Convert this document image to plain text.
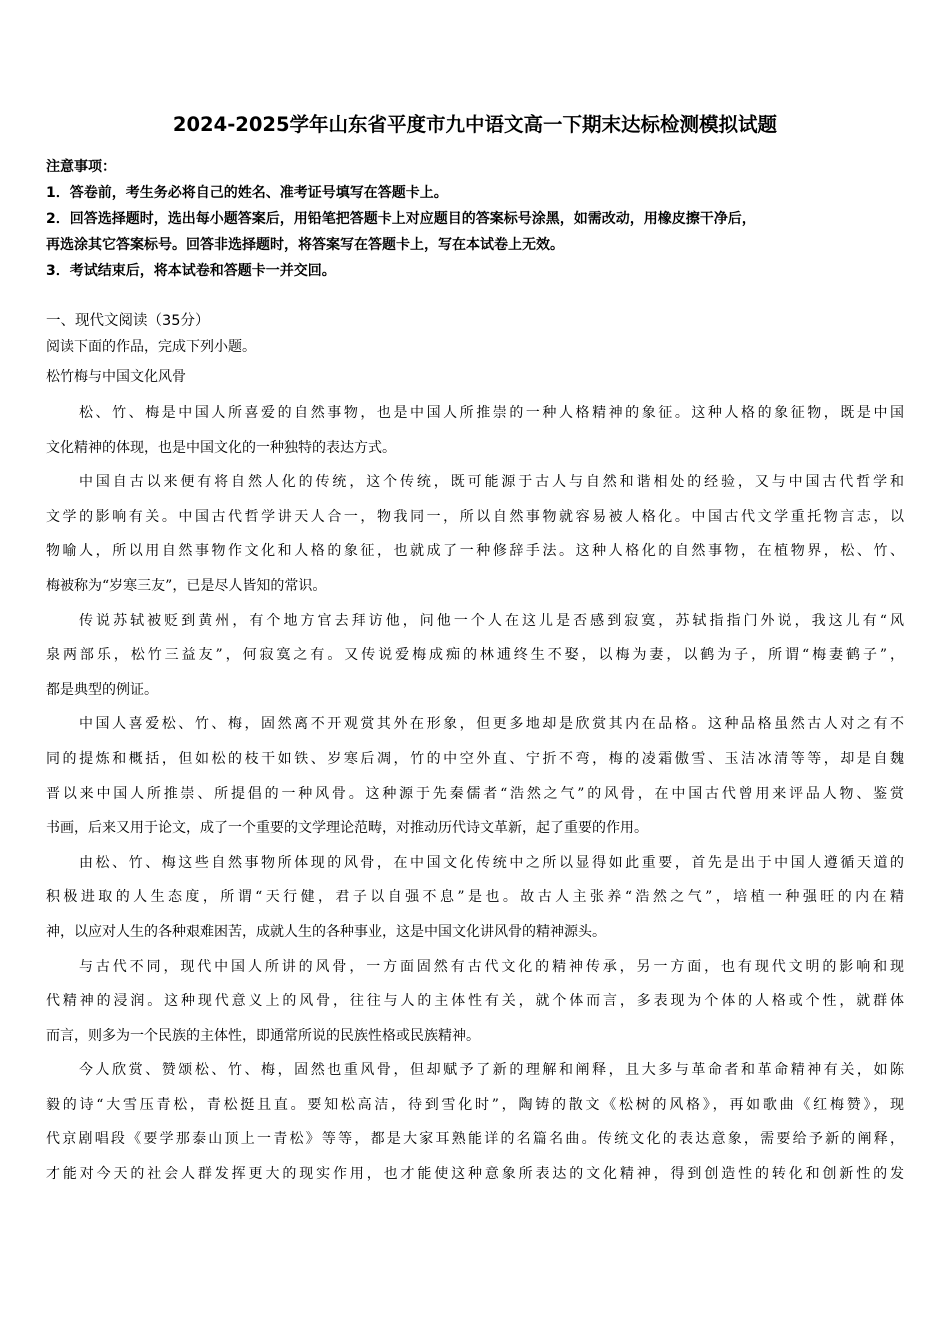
2024-2025学年山东省平度市九中语文高一下期末达标检测模拟试题
注意事项：
1．答卷前，考生务必将自己的姓名、准考证号填写在答题卡上。
2．回答选择题时，选出每小题答案后，用铅笔把答题卡上对应题目的答案标号涂黑，如需改动，用橡皮擦干净后，
再选涂其它答案标号。回答非选择题时，将答案写在答题卡上，写在本试卷上无效。
3．考试结束后，将本试卷和答题卡一并交回。
一、现代文阅读（35分）
阅读下面的作品，完成下列小题。
松竹梅与中国文化风骨
松、竹、梅是中国人所喜爱的自然事物，也是中国人所推崇的一种人格精神的象征。这种人格的象征物，既是中国
文化精神的体现，也是中国文化的一种独特的表达方式。
中国自古以来便有将自然人化的传统，这个传统，既可能源于古人与自然和谐相处的经验，又与中国古代哲学和
文学的影响有关。中国古代哲学讲天人合一，物我同一，所以自然事物就容易被人格化。中国古代文学重托物言志，以
物喻人，所以用自然事物作文化和人格的象征，也就成了一种修辞手法。这种人格化的自然事物，在植物界，松、竹、
梅被称为“岁寒三友”，已是尽人皆知的常识。
传说苏轼被贬到黄州，有个地方官去拜访他，问他一个人在这儿是否感到寂寞，苏轼指指门外说，我这儿有“风
泉两部乐，松竹三益友”，何寂寞之有。又传说爱梅成痴的林逋终生不娶，以梅为妻，以鹤为子，所谓“梅妻鹤子”，
都是典型的例证。
中国人喜爱松、竹、梅，固然离不开观赏其外在形象，但更多地却是欣赏其内在品格。这种品格虽然古人对之有不
同的提炼和概括，但如松的枝干如铁、岁寒后凋，竹的中空外直、宁折不弯，梅的凌霜傲雪、玉洁冰清等等，却是自魏
晋以来中国人所推崇、所提倡的一种风骨。这种源于先秦儒者“浩然之气”的风骨，在中国古代曾用来评品人物、鉴赏
书画，后来又用于论文，成了一个重要的文学理论范畴，对推动历代诗文革新，起了重要的作用。
由松、竹、梅这些自然事物所体现的风骨，在中国文化传统中之所以显得如此重要，首先是出于中国人遵循天道的
积极进取的人生态度，所谓“天行健，君子以自强不息”是也。故古人主张养“浩然之气”，培植一种强旺的内在精
神，以应对人生的各种艰难困苦，成就人生的各种事业，这是中国文化讲风骨的精神源头。
与古代不同，现代中国人所讲的风骨，一方面固然有古代文化的精神传承，另一方面，也有现代文明的影响和现
代精神的浸润。这种现代意义上的风骨，往往与人的主体性有关，就个体而言，多表现为个体的人格或个性，就群体
而言，则多为一个民族的主体性，即通常所说的民族性格或民族精神。
今人欣赏、赞颂松、竹、梅，固然也重风骨，但却赋予了新的理解和阐释，且大多与革命者和革命精神有关，如陈
毅的诗“大雪压青松，青松挺且直。要知松高洁，待到雪化时”，陶铸的散文《松树的风格》，再如歌曲《红梅赞》，现
代京剧唱段《要学那泰山顶上一青松》等等，都是大家耳熟能详的名篇名曲。传统文化的表达意象，需要给予新的阐释，
才能对今天的社会人群发挥更大的现实作用，也才能使这种意象所表达的文化精神，得到创造性的转化和创新性的发
